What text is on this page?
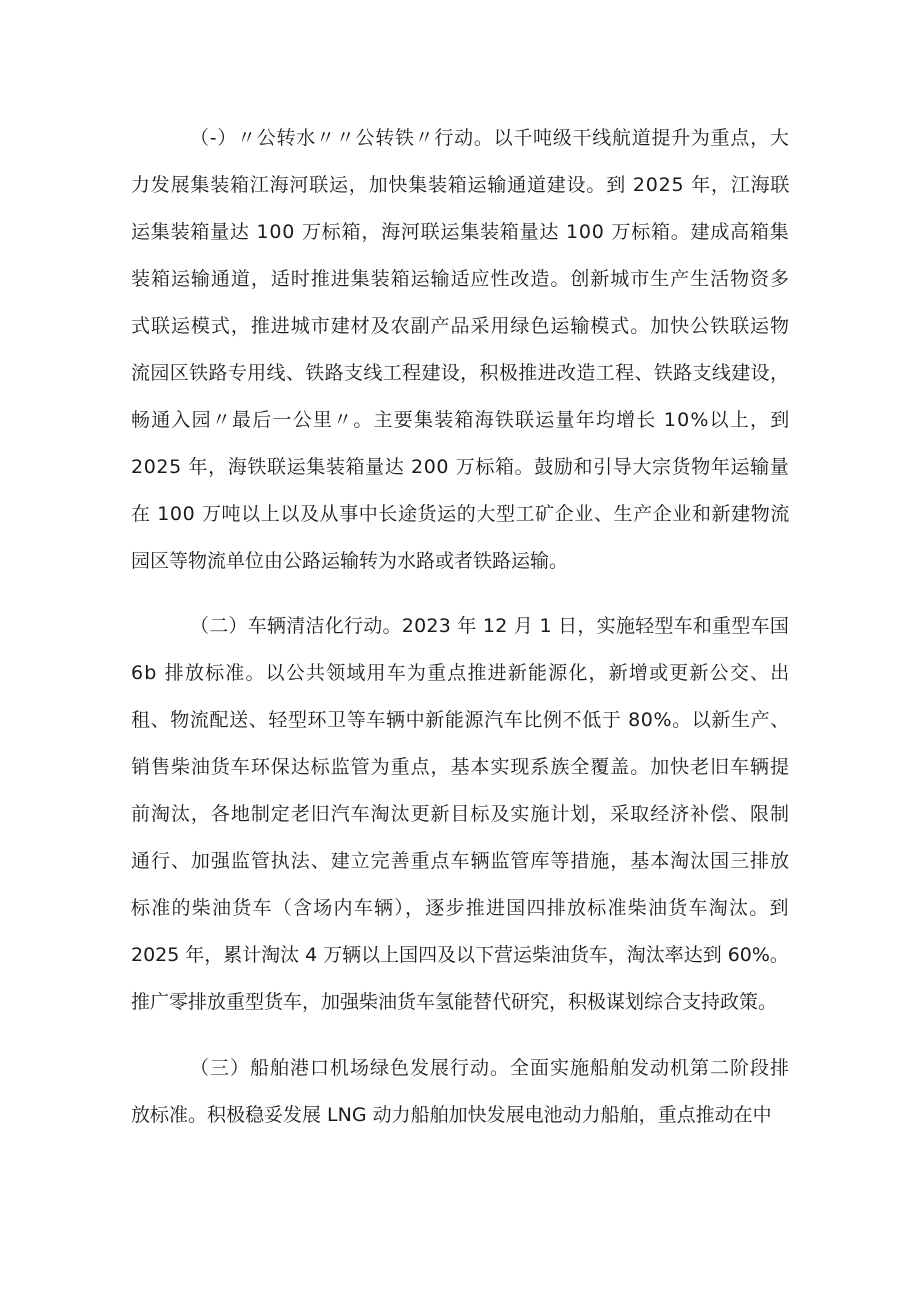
（-）〃公转水〃〃公转铁〃行动。以千吨级干线航道提升为重点，大
力发展集装箱江海河联运，加快集装箱运输通道建设。到 2025 年，江海联
运集装箱量达 100 万标箱，海河联运集装箱量达 100 万标箱。建成高箱集
装箱运输通道，适时推进集装箱运输适应性改造。创新城市生产生活物资多
式联运模式，推进城市建材及农副产品采用绿色运输模式。加快公铁联运物
流园区铁路专用线、铁路支线工程建设，积极推进改造工程、铁路支线建设，
畅通入园〃最后一公里〃。主要集装箱海铁联运量年均增长 10%以上，到
2025 年，海铁联运集装箱量达 200 万标箱。鼓励和引导大宗货物年运输量
在 100 万吨以上以及从事中长途货运的大型工矿企业、生产企业和新建物流
园区等物流单位由公路运输转为水路或者铁路运输。
（二）车辆清洁化行动。2023 年 12 月 1 日，实施轻型车和重型车国
6b 排放标准。以公共领域用车为重点推进新能源化，新增或更新公交、出
租、物流配送、轻型环卫等车辆中新能源汽车比例不低于 80%。以新生产、
销售柴油货车环保达标监管为重点，基本实现系族全覆盖。加快老旧车辆提
前淘汰，各地制定老旧汽车淘汰更新目标及实施计划，采取经济补偿、限制
通行、加强监管执法、建立完善重点车辆监管库等措施，基本淘汰国三排放
标准的柴油货车（含场内车辆），逐步推进国四排放标准柴油货车淘汰。到
2025 年，累计淘汰 4 万辆以上国四及以下营运柴油货车，淘汰率达到 60%。
推广零排放重型货车，加强柴油货车氢能替代研究，积极谋划综合支持政策。
（三）船舶港口机场绿色发展行动。全面实施船舶发动机第二阶段排
放标准。积极稳妥发展 LNG 动力船舶加快发展电池动力船舶，重点推动在中
